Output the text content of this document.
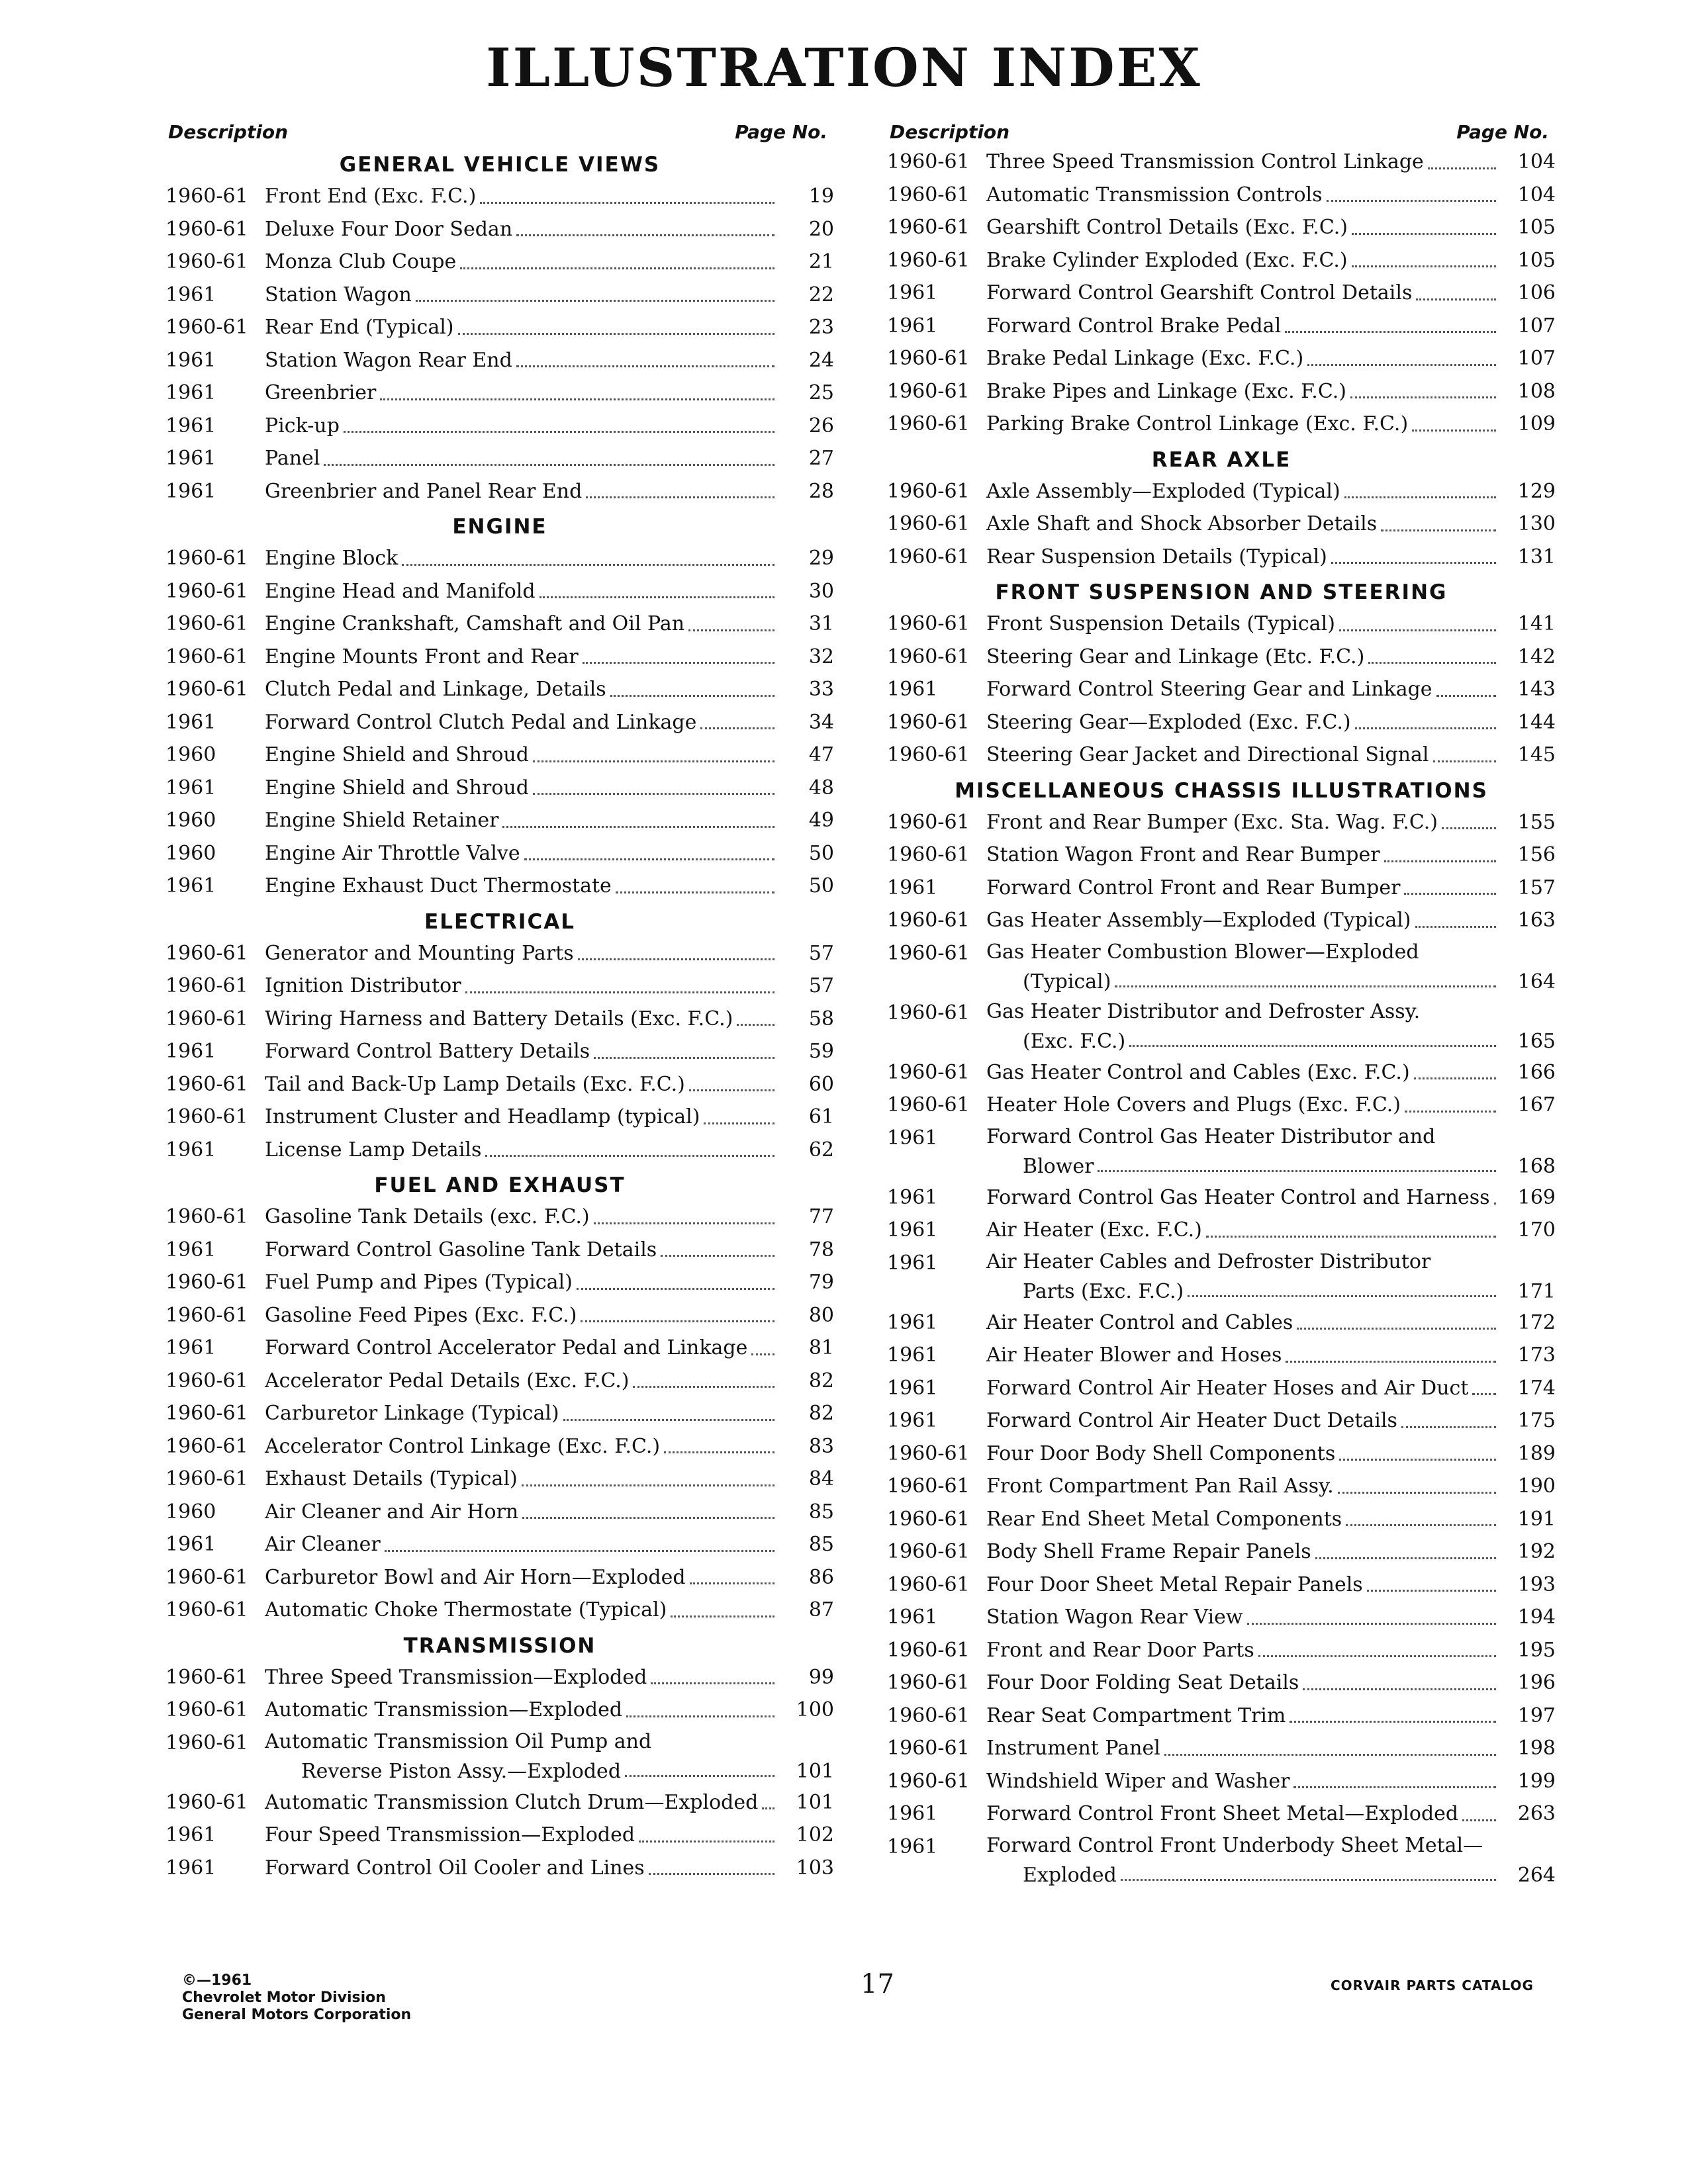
ILLUSTRATION INDEX
Description	Page No.
GENERAL VEHICLE VIEWS
1960-61 Front End (Exc. F.C.)	19
1960-61 Deluxe Four Door Sedan	20
1960-61 Monza Club Coupe	21
1961	Station Wagon	22
1960-61 Rear End (Typical)	23
1961	Station Wagon Rear End	24
1961	Greenbrier	25
1961	Pick-up	26
1961	Panel	27
1961	Greenbrier and Panel Rear End	28
ENGINE
1960-61 Engine Block	29
1960-61 Engine Head and Manifold	30
1960-61 Engine Crankshaft, Camshaft and Oil Pan	31
1960-61 Engine Mounts Front and Rear	32
1960-61 Clutch Pedal and Linkage, Details	33
1961	Forward Control Clutch Pedal and Linkage	34
1960	Engine Shield and Shroud	47
1961	Engine Shield and Shroud	48
1960	Engine Shield Retainer	49
1960	Engine Air Throttle Valve	50
1961	Engine Exhaust Duct Thermostate	50
ELECTRICAL
1960-61 Generator and Mounting Parts	57
1960-61 Ignition Distributor	57
1960-61 Wiring Harness and Battery Details (Exc. F.C.)	58
1961	Forward Control Battery Details	59
1960-61 Tail and Back-Up Lamp Details (Exc. F.C.)	60
1960-61 Instrument Cluster and Headlamp (typical)	61
1961	License Lamp Details	62
FUEL AND EXHAUST
1960-61 Gasoline Tank Details (exc. F.C.)	77
1961	Forward Control Gasoline Tank Details	78
1960-61 Fuel Pump and Pipes (Typical)	79
1960-61 Gasoline Feed Pipes (Exc. F.C.)	80
1961	Forward Control Accelerator Pedal and Linkage	81
1960-61 Accelerator Pedal Details (Exc. F.C.)	82
1960-61 Carburetor Linkage (Typical)	82
1960-61 Accelerator Control Linkage (Exc. F.C.)	83
1960-61 Exhaust Details (Typical)	84
1960	Air Cleaner and Air Horn	85
1961	Air Cleaner	85
1960-61 Carburetor Bowl and Air Horn—Exploded	86
1960-61 Automatic Choke Thermostate (Typical)	87
TRANSMISSION
1960-61 Three Speed Transmission—Exploded	99
1960-61 Automatic Transmission—Exploded	100
1960-61 Automatic Transmission Oil Pump and
Reverse Piston Assy.—Exploded	101
1960-61 Automatic Transmission Clutch Drum—Exploded	101
1961	Four Speed Transmission—Exploded	102
1961	Forward Control Oil Cooler and Lines	103
Description	Page No.
1960-61 Three Speed Transmission Control Linkage	104
1960-61 Automatic Transmission Controls	104
1960-61 Gearshift Control Details (Exc. F.C.)	105
1960-61 Brake Cylinder Exploded (Exc. F.C.)	105
1961	Forward Control Gearshift Control Details	106
1961	Forward Control Brake Pedal	107
1960-61 Brake Pedal Linkage (Exc. F.C.)	107
1960-61 Brake Pipes and Linkage (Exc. F.C.)	108
1960-61 Parking Brake Control Linkage (Exc. F.C.)	109
REAR AXLE
1960-61 Axle Assembly—Exploded (Typical)	129
1960-61 Axle Shaft and Shock Absorber Details	130
1960-61 Rear Suspension Details (Typical)	131
FRONT SUSPENSION AND STEERING
1960-61 Front Suspension Details (Typical)	141
1960-61 Steering Gear and Linkage (Etc. F.C.)	142
1961	Forward Control Steering Gear and Linkage	143
1960-61 Steering Gear—Exploded (Exc. F.C.)	144
1960-61 Steering Gear Jacket and Directional Signal	145
MISCELLANEOUS CHASSIS ILLUSTRATIONS
1960-61 Front and Rear Bumper (Exc. Sta. Wag. F.C.)	155
1960-61 Station Wagon Front and Rear Bumper	156
1961	Forward Control Front and Rear Bumper	157
1960-61 Gas Heater Assembly—Exploded (Typical)	163
1960-61 Gas Heater Combustion Blower—Exploded
(Typical)	164
1960-61 Gas Heater Distributor and Defroster Assy.
(Exc. F.C.)	165
1960-61 Gas Heater Control and Cables (Exc. F.C.)	166
1960-61 Heater Hole Covers and Plugs (Exc. F.C.)	167
1961	Forward Control Gas Heater Distributor and
Blower	168
1961	Forward Control Gas Heater Control and Harness	169
1961	Air Heater (Exc. F.C.)	170
1961	Air Heater Cables and Defroster Distributor
Parts (Exc. F.C.)	171
1961	Air Heater Control and Cables	172
1961	Air Heater Blower and Hoses	173
1961	Forward Control Air Heater Hoses and Air Duct	174
1961	Forward Control Air Heater Duct Details	175
1960-61 Four Door Body Shell Components	189
1960-61 Front Compartment Pan Rail Assy.	190
1960-61 Rear End Sheet Metal Components	191
1960-61 Body Shell Frame Repair Panels	192
1960-61 Four Door Sheet Metal Repair Panels	193
1961	Station Wagon Rear View	194
1960-61 Front and Rear Door Parts	195
1960-61 Four Door Folding Seat Details	196
1960-61 Rear Seat Compartment Trim	197
1960-61 Instrument Panel	198
1960-61 Windshield Wiper and Washer	199
1961	Forward Control Front Sheet Metal—Exploded	263
1961	Forward Control Front Underbody Sheet Metal—
Exploded	264
©—1961
Chevrolet Motor Division
General Motors Corporation
17	CORVAIR PARTS CATALOG
